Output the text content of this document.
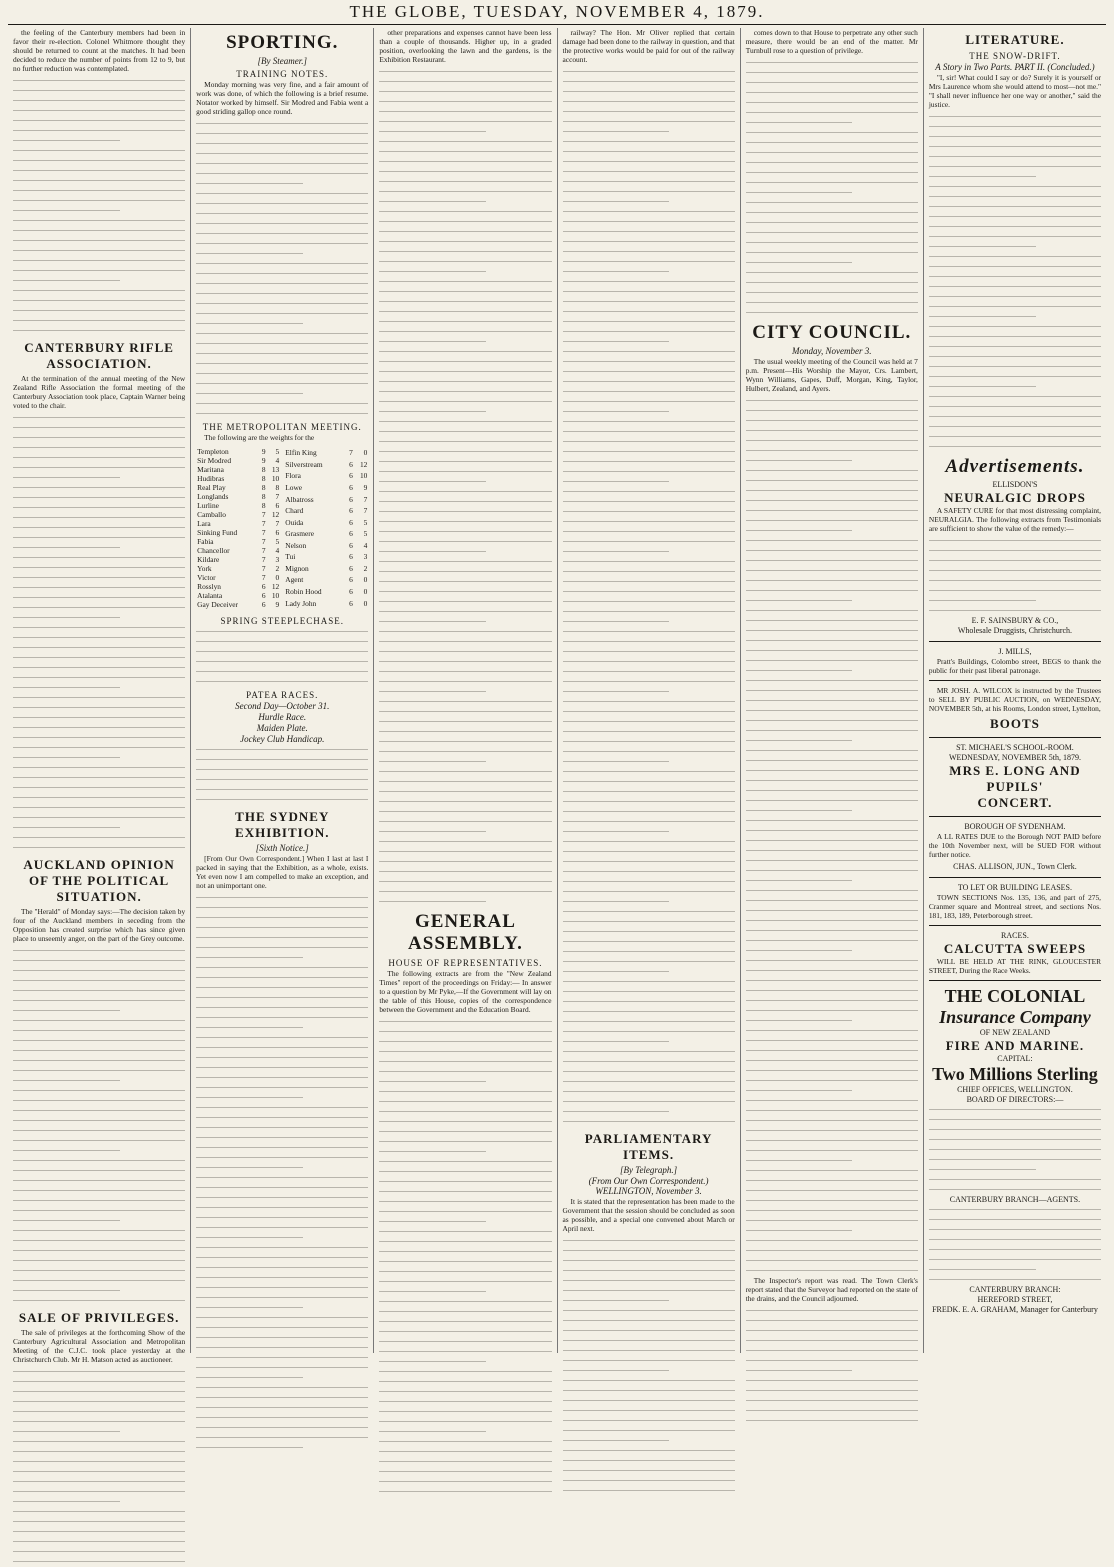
THE GLOBE, TUESDAY, NOVEMBER 4, 1879.

the feeling of the Canterbury members had been in favor their re-election. Colonel Whitmore thought they should be returned to count at the matches. It had been decided to reduce the number of points from 12 to 9, but no further reduction was contemplated.

CANTERBURY RIFLE ASSOCIATION.

At the termination of the annual meeting of the New Zealand Rifle Association the formal meeting of the Canterbury Association took place, Captain Warner being voted to the chair.

AUCKLAND OPINION OF THE POLITICAL SITUATION.

The "Herald" of Monday says:—The decision taken by four of the Auckland members in seceding from the Opposition has created surprise which has since given place to unseemly anger, on the part of the Grey outcome.

SALE OF PRIVILEGES.

The sale of privileges at the forthcoming Show of the Canterbury Agricultural Association and Metropolitan Meeting of the C.J.C. took place yesterday at the Christchurch Club. Mr H. Matson acted as auctioneer.

SPORTING.
[By Steamer.]
TRAINING NOTES.

Monday morning was very fine, and a fair amount of work was done, of which the following is a brief resume. Notator worked by himself. Sir Modred and Fabia went a good striding gallop once round.

THE METROPOLITAN MEETING.

The following are the weights for the

Templeton	9	5
Sir Modred	9	4
Maritana	8	13
Hudibras	8	10
Real Play	8	8
Longlands	8	7
Lurline	8	6
Camballo	7	12
Lara	7	7
Sinking Fund	7	6
Fabia	7	5
Chancellor	7	4
Kildare	7	3
York	7	2
Victor	7	0
Rosslyn	6	12
Atalanta	6	10
Gay Deceiver	6	9
Elfin King	7	0
Silverstream	6	12
Flora	6	10
Lowe	6	9
Albatross	6	7
Chard	6	7
Ouida	6	5
Grasmere	6	5
Nelson	6	4
Tui	6	3
Mignon	6	2
Agent	6	0
Robin Hood	6	0
Lady John	6	0
SPRING STEEPLECHASE.
PATEA RACES.
Second Day—October 31.
Hurdle Race.
Maiden Plate.
Jockey Club Handicap.
THE SYDNEY EXHIBITION.
[Sixth Notice.]

[From Our Own Correspondent.] When I last at last I packed in saying that the Exhibition, as a whole, exists. Yet even now I am compelled to make an exception, and not an unimportant one.

other preparations and expenses cannot have been less than a couple of thousands. Higher up, in a graded position, overlooking the lawn and the gardens, is the Exhibition Restaurant.

GENERAL ASSEMBLY.
HOUSE OF REPRESENTATIVES.

The following extracts are from the "New Zealand Times" report of the proceedings on Friday:— In answer to a question by Mr Pyke,—If the Government will lay on the table of this House, copies of the correspondence between the Government and the Education Board.

railway? The Hon. Mr Oliver replied that certain damage had been done to the railway in question, and that the protective works would be paid for out of the railway account.

PARLIAMENTARY ITEMS.
[By Telegraph.]
(From Our Own Correspondent.) WELLINGTON, November 3.

It is stated that the representation has been made to the Government that the session should be concluded as soon as possible, and a special one convened about March or April next.

comes down to that House to perpetrate any other such measure, there would be an end of the matter. Mr Turnbull rose to a question of privilege.

CITY COUNCIL.
Monday, November 3.

The usual weekly meeting of the Council was held at 7 p.m. Present—His Worship the Mayor, Crs. Lambert, Wynn Williams, Gapes, Duff, Morgan, King, Taylor, Hulbert, Zealand, and Ayers.

The Inspector's report was read. The Town Clerk's report stated that the Surveyor had reported on the state of the drains, and the Council adjourned.

LITERATURE.
THE SNOW-DRIFT.
A Story in Two Parts. PART II. (Concluded.)

"I, sir! What could I say or do? Surely it is yourself or Mrs Laurence whom she would attend to most—not me." "I shall never influence her one way or another," said the justice.

Advertisements.
ELLISDON'S
NEURALGIC DROPS

A SAFETY CURE for that most distressing complaint, NEURALGIA. The following extracts from Testimonials are sufficient to show the value of the remedy:—

E. F. SAINSBURY & CO.,
Wholesale Druggists, Christchurch.
J. MILLS,

Pratt's Buildings, Colombo street, BEGS to thank the public for their past liberal patronage.

MR JOSH. A. WILCOX is instructed by the Trustees to SELL BY PUBLIC AUCTION, on WEDNESDAY, NOVEMBER 5th, at his Rooms, London street, Lyttelton,

BOOTS
ST. MICHAEL'S SCHOOL-ROOM.
WEDNESDAY, NOVEMBER 5th, 1879.
MRS E. LONG AND PUPILS'
CONCERT.
BOROUGH OF SYDENHAM.

A LL RATES DUE to the Borough NOT PAID before the 10th November next, will be SUED FOR without further notice.

CHAS. ALLISON, JUN., Town Clerk.
TO LET OR BUILDING LEASES.

TOWN SECTIONS Nos. 135, 136, and part of 275, Cranmer square and Montreal street, and sections Nos. 181, 183, 189, Peterborough street.

RACES.
CALCUTTA SWEEPS

WILL BE HELD AT THE RINK, GLOUCESTER STREET, During the Race Weeks.

THE COLONIAL
Insurance Company
OF NEW ZEALAND
FIRE AND MARINE.
CAPITAL:
Two Millions Sterling
CHIEF OFFICES, WELLINGTON.
BOARD OF DIRECTORS:—
CANTERBURY BRANCH—AGENTS.
CANTERBURY BRANCH:
HEREFORD STREET,
FREDK. E. A. GRAHAM, Manager for Canterbury
